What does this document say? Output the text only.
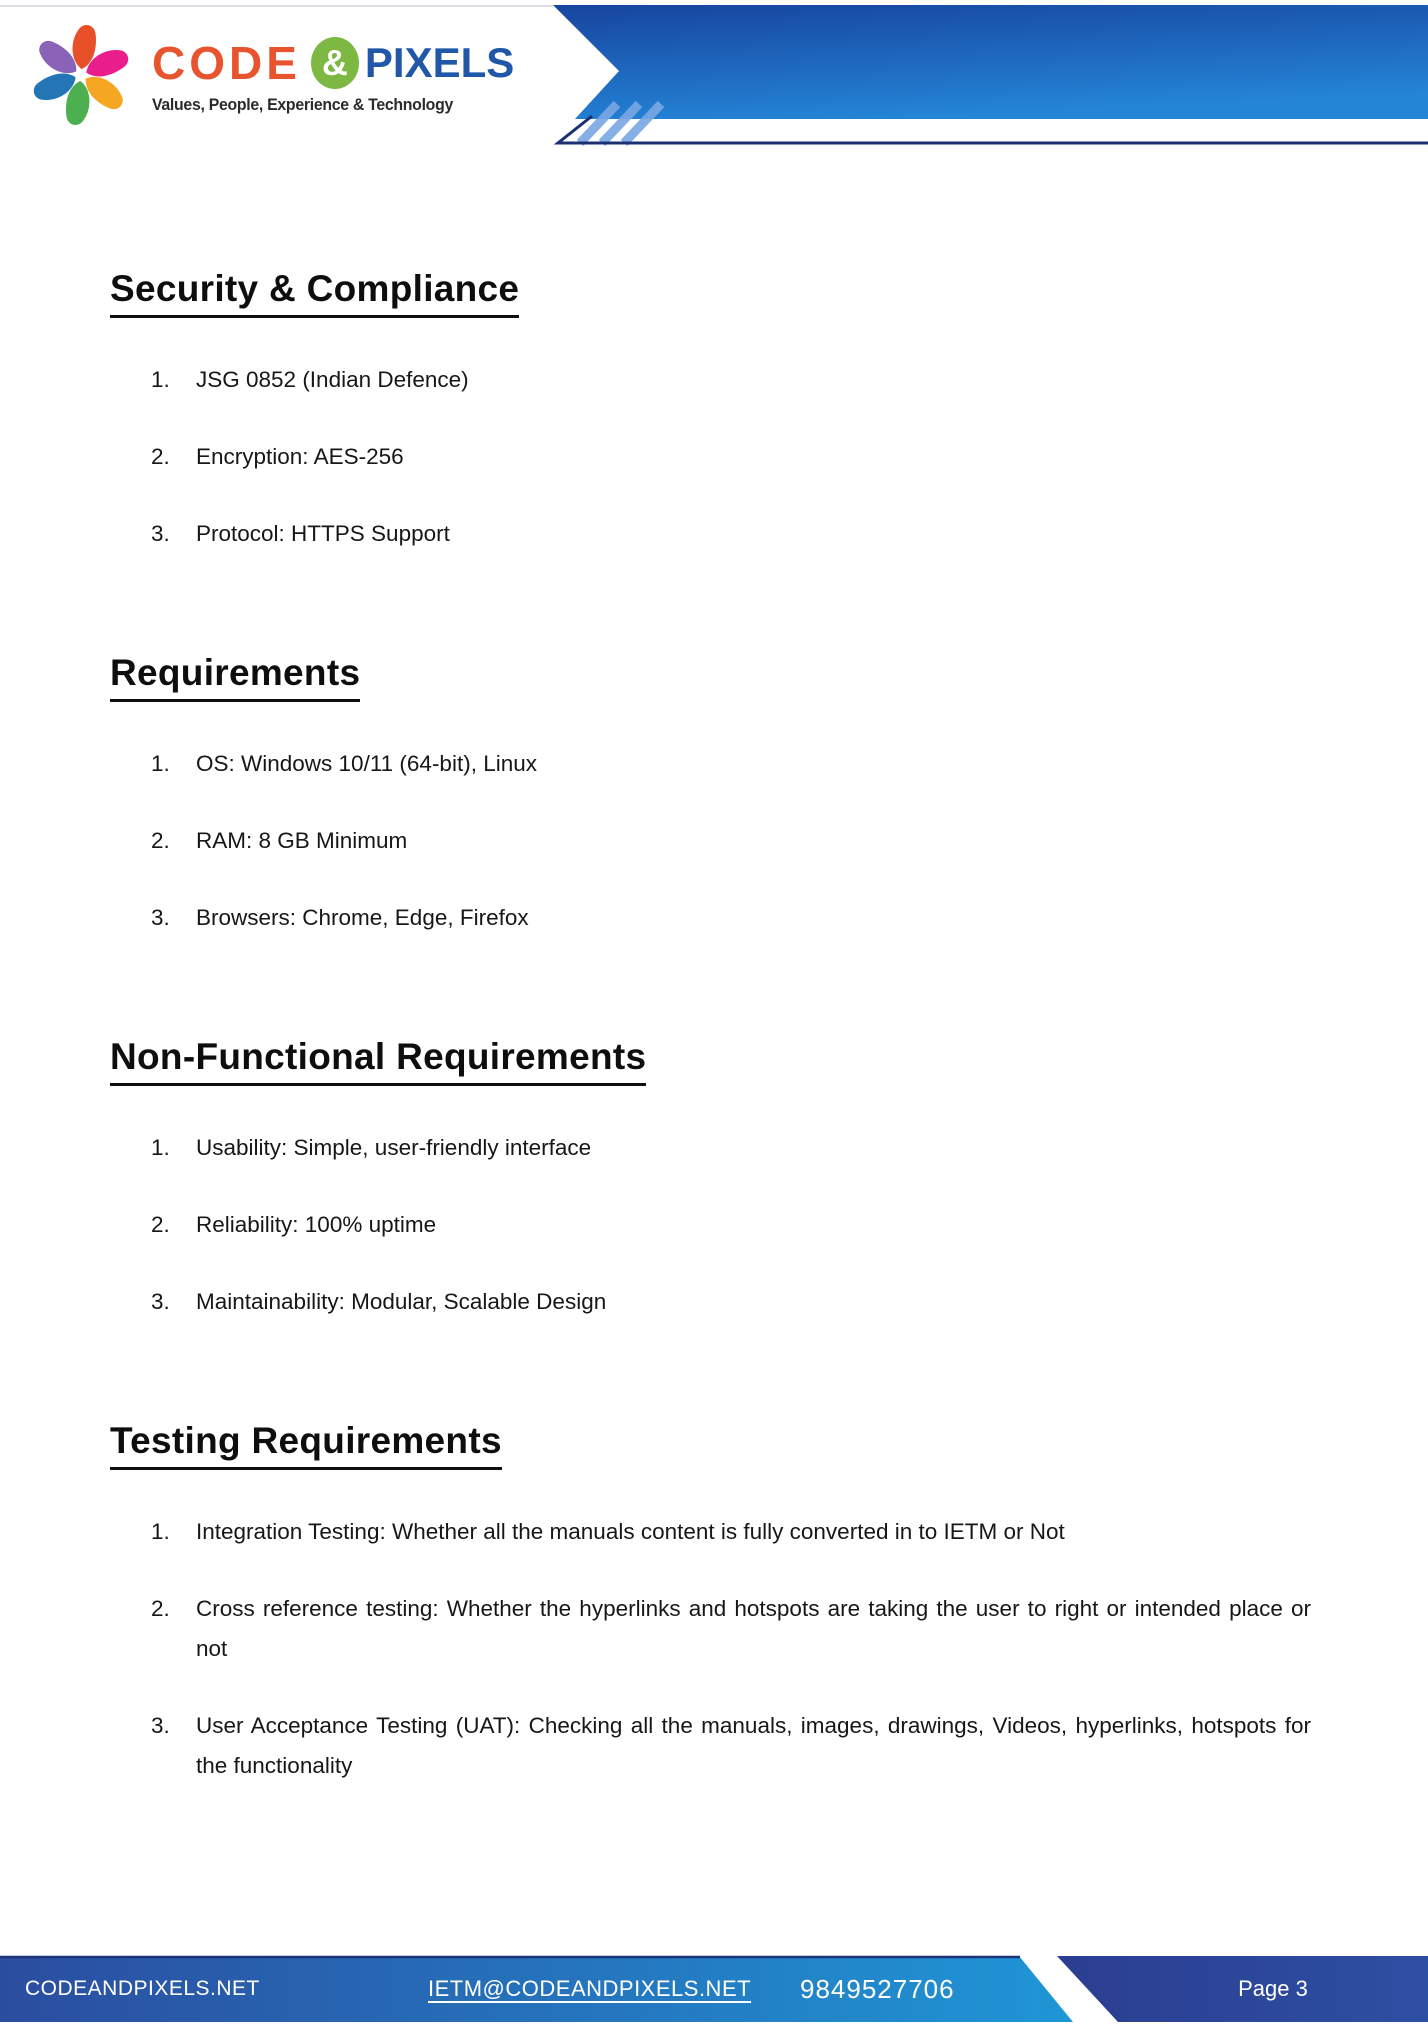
CODE & PIXELS
Values, People, Experience & Technology
Security & Compliance
1.	JSG 0852 (Indian Defence)
2.	Encryption: AES-256
3.	Protocol: HTTPS Support
Requirements
1.	OS: Windows 10/11 (64-bit), Linux
2.	RAM: 8 GB Minimum
3.	Browsers: Chrome, Edge, Firefox
Non-Functional Requirements
1.	Usability: Simple, user-friendly interface
2.	Reliability: 100% uptime
3.	Maintainability: Modular, Scalable Design
Testing Requirements
1.	Integration Testing: Whether all the manuals content is fully converted in to IETM or Not
2.	Cross reference testing: Whether the hyperlinks and hotspots are taking the user to right or intended place or not
3.	User Acceptance Testing (UAT): Checking all the manuals, images, drawings, Videos, hyperlinks, hotspots for the functionality
CODEANDPIXELS.NET	IETM@CODEANDPIXELS.NET 9849527706	Page 3
